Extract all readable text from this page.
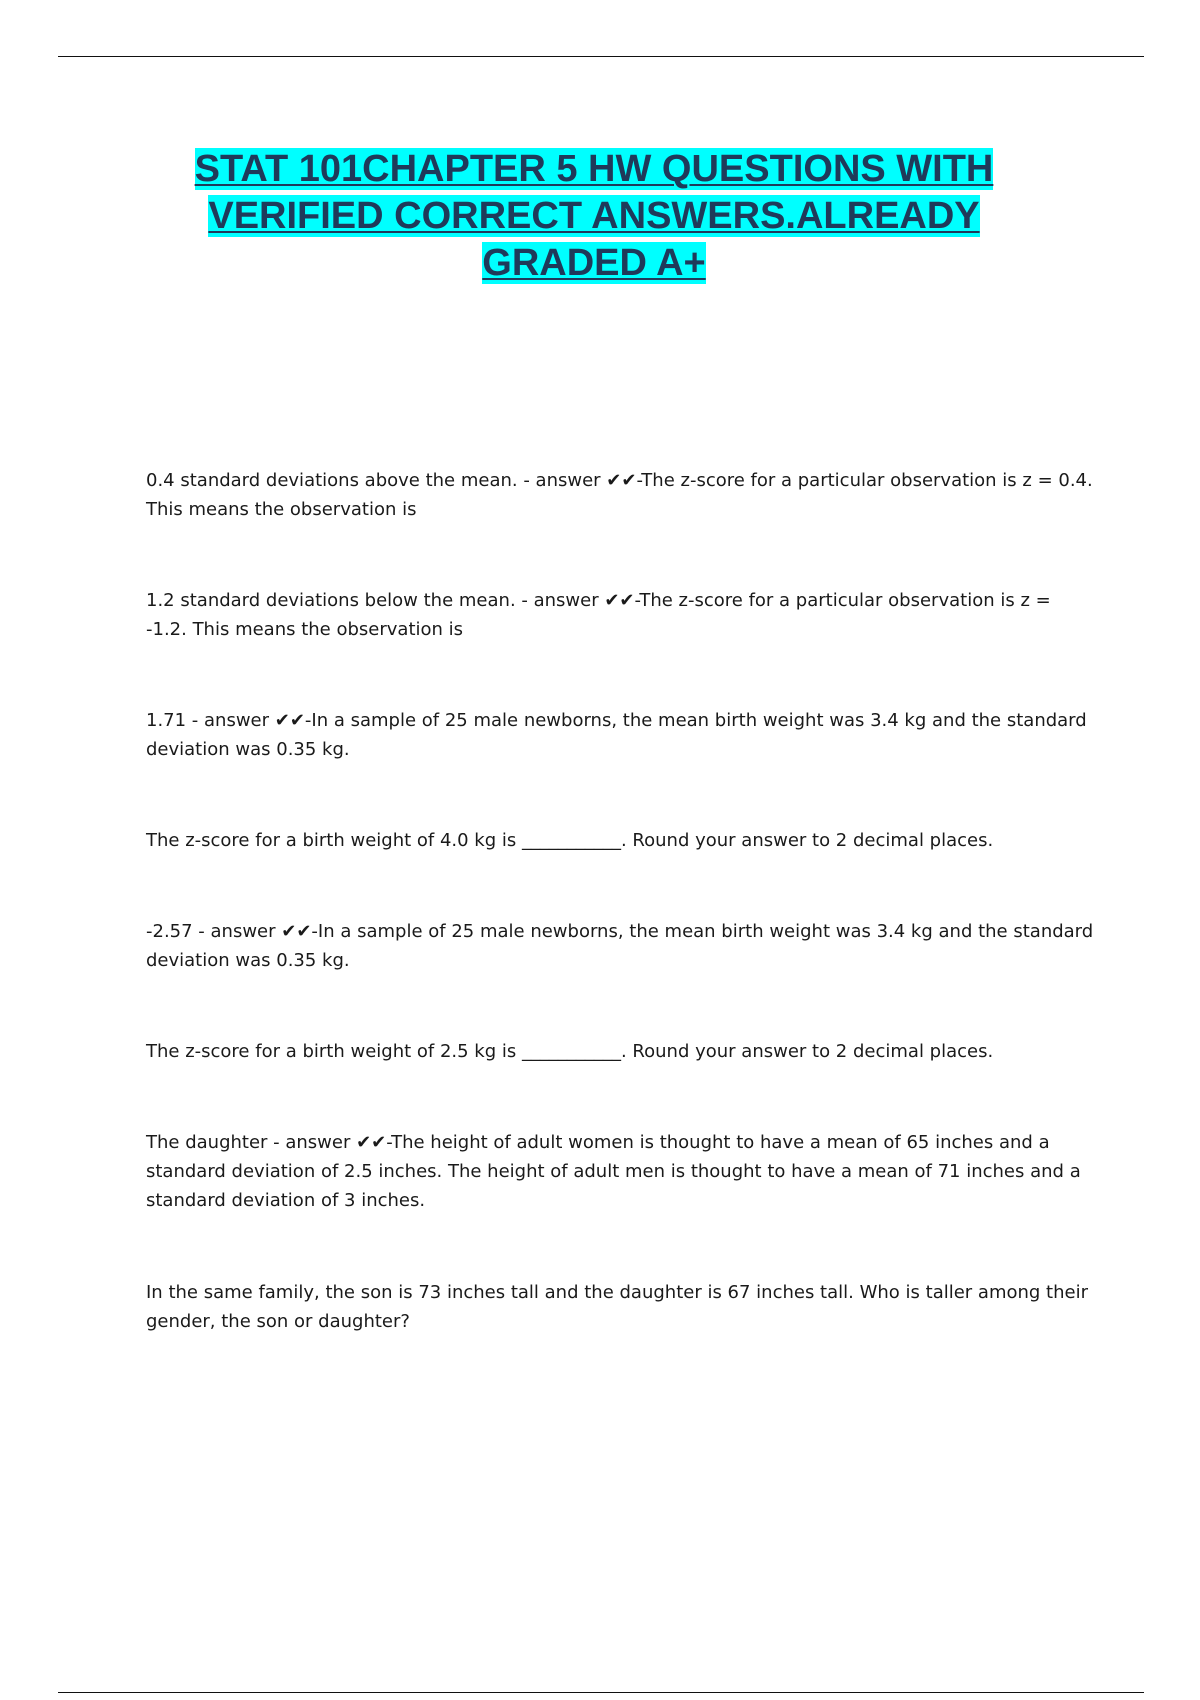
STAT 101CHAPTER 5 HW QUESTIONS WITH
VERIFIED CORRECT ANSWERS.ALREADY
GRADED A+
0.4 standard deviations above the mean. - answer ✔✔-The z-score for a particular observation is z = 0.4. This means the observation is
1.2 standard deviations below the mean. - answer ✔✔-The z-score for a particular observation is z = -1.2. This means the observation is
1.71 - answer ✔✔-In a sample of 25 male newborns, the mean birth weight was 3.4 kg and the standard deviation was 0.35 kg.
The z-score for a birth weight of 4.0 kg is ___________. Round your answer to 2 decimal places.
-2.57 - answer ✔✔-In a sample of 25 male newborns, the mean birth weight was 3.4 kg and the standard deviation was 0.35 kg.
The z-score for a birth weight of 2.5 kg is ___________. Round your answer to 2 decimal places.
The daughter - answer ✔✔-The height of adult women is thought to have a mean of 65 inches and a standard deviation of 2.5 inches. The height of adult men is thought to have a mean of 71 inches and a standard deviation of 3 inches.
In the same family, the son is 73 inches tall and the daughter is 67 inches tall. Who is taller among their gender, the son or daughter?
